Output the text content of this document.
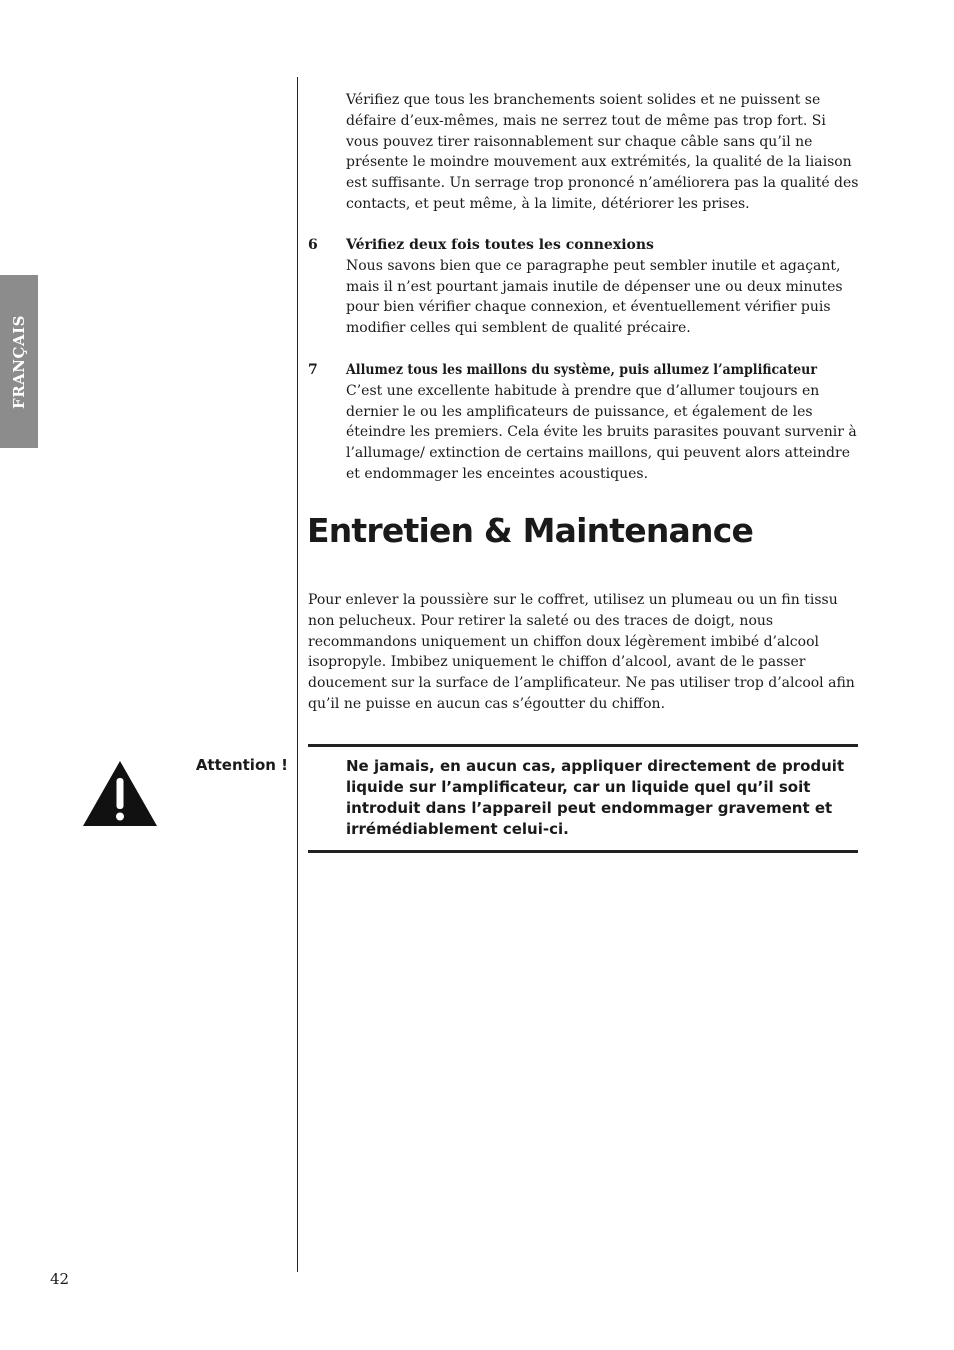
FRANÇAIS

Vérifiez que tous les branchements soient solides et ne puissent se défaire d’eux-mêmes, mais ne serrez tout de même pas trop fort. Si vous pouvez tirer raisonnablement sur chaque câble sans qu’il ne présente le moindre mouvement aux extrémités, la qualité de la liaison est suffisante. Un serrage trop prononcé n’améliorera pas la qualité des contacts, et peut même, à la limite, détériorer les prises.

6 Vérifiez deux fois toutes les connexions
Nous savons bien que ce paragraphe peut sembler inutile et agaçant, mais il n’est pourtant jamais inutile de dépenser une ou deux minutes pour bien vérifier chaque connexion, et éventuellement vérifier puis modifier celles qui semblent de qualité précaire.
7 Allumez tous les maillons du système, puis allumez l’amplificateur
C’est une excellente habitude à prendre que d’allumer toujours en dernier le ou les amplificateurs de puissance, et également de les éteindre les premiers. Cela évite les bruits parasites pouvant survenir à l’allumage/ extinction de certains maillons, qui peuvent alors atteindre et endommager les enceintes acoustiques.
Entretien & Maintenance

Pour enlever la poussière sur le coffret, utilisez un plumeau ou un fin tissu non pelucheux. Pour retirer la saleté ou des traces de doigt, nous recommandons uniquement un chiffon doux légèrement imbibé d’alcool isopropyle. Imbibez uniquement le chiffon d’alcool, avant de le passer doucement sur la surface de l’amplificateur. Ne pas utiliser trop d’alcool afin qu’il ne puisse en aucun cas s’égoutter du chiffon.

Attention !	Ne jamais, en aucun cas, appliquer directement de produit liquide sur l’amplificateur, car un liquide quel qu’il soit introduit dans l’appareil peut endommager gravement et irrémédiablement celui-ci.

42
